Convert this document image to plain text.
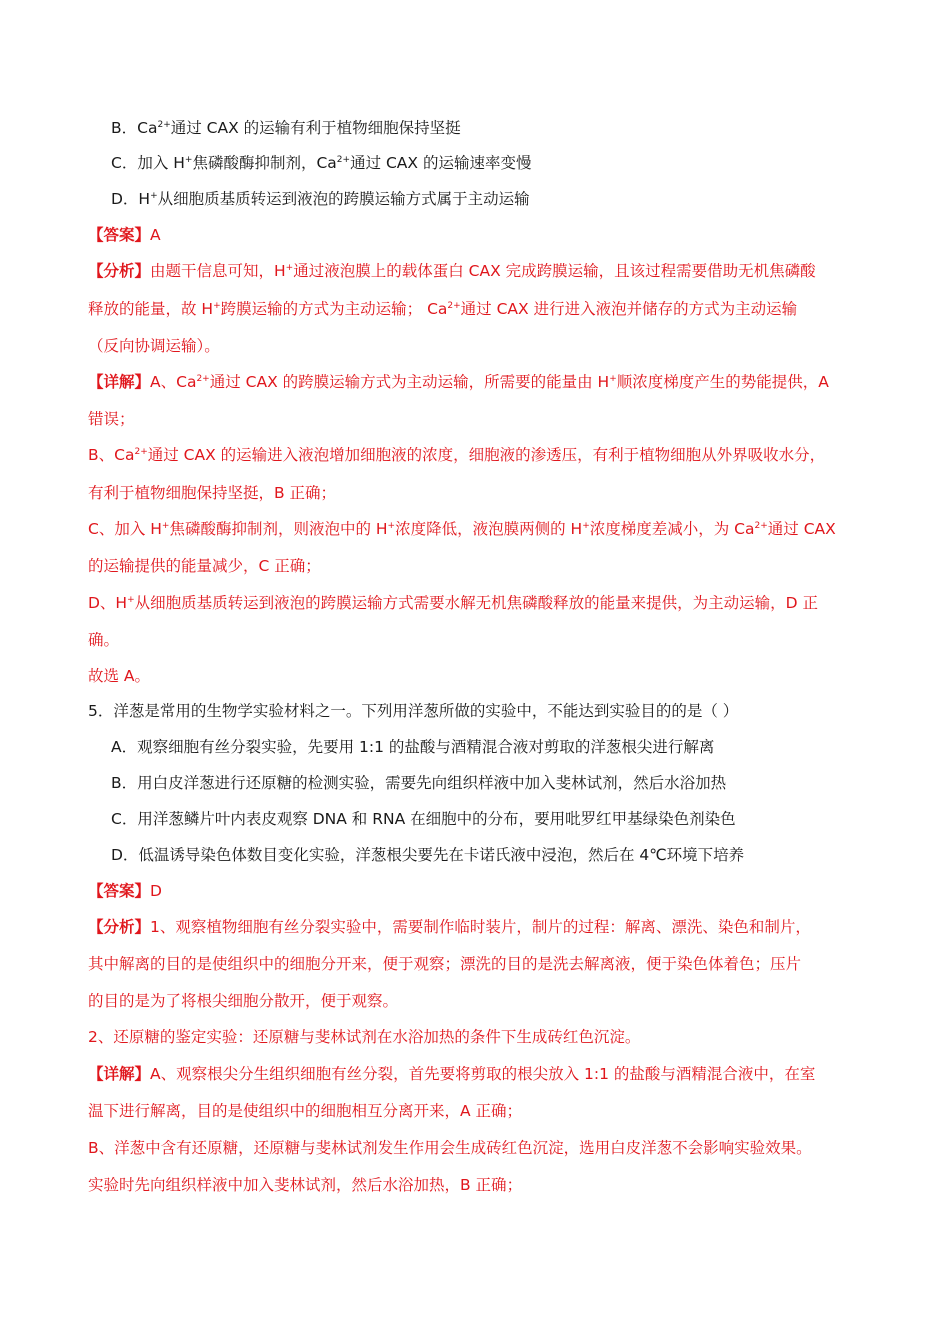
B．$Ca^{2+}$通过 CAX 的运输有利于植物细胞保持坚挺
C．加入 H+焦磷酸酶抑制剂，$Ca^{2+}$通过 CAX 的运输速率变慢
D．H+从细胞质基质转运到液泡的跨膜运输方式属于主动运输
【答案】A
【分析】由题干信息可知，H+通过液泡膜上的载体蛋白 CAX 完成跨膜运输，且该过程需要借助无机焦磷酸
释放的能量，故 H+跨膜运输的方式为主动运输； $Ca^{2+}$通过 CAX 进行进入液泡并储存的方式为主动运输
（反向协调运输）。
【详解】A、$Ca^{2+}$通过 CAX 的跨膜运输方式为主动运输，所需要的能量由 H+顺浓度梯度产生的势能提供，A
错误；
B、$Ca^{2+}$通过 CAX 的运输进入液泡增加细胞液的浓度，细胞液的渗透压，有利于植物细胞从外界吸收水分，
有利于植物细胞保持坚挺，B 正确；
C、加入 H+焦磷酸酶抑制剂，则液泡中的 H+浓度降低，液泡膜两侧的 H+浓度梯度差减小，为 $Ca^{2+}$通过 CAX
的运输提供的能量减少，C 正确；
D、H+从细胞质基质转运到液泡的跨膜运输方式需要水解无机焦磷酸释放的能量来提供，为主动运输，D 正
确。
故选 A。
5．洋葱是常用的生物学实验材料之一。下列用洋葱所做的实验中，不能达到实验目的的是（ ）
A．观察细胞有丝分裂实验，先要用 1:1 的盐酸与酒精混合液对剪取的洋葱根尖进行解离
B．用白皮洋葱进行还原糖的检测实验，需要先向组织样液中加入斐林试剂，然后水浴加热
C．用洋葱鳞片叶内表皮观察 DNA 和 RNA 在细胞中的分布，要用吡罗红甲基绿染色剂染色
D．低温诱导染色体数目变化实验，洋葱根尖要先在卡诺氏液中浸泡，然后在 4℃环境下培养
【答案】D
【分析】1、观察植物细胞有丝分裂实验中，需要制作临时装片，制片的过程：解离、漂洗、染色和制片，
其中解离的目的是使组织中的细胞分开来，便于观察；漂洗的目的是洗去解离液，便于染色体着色；压片
的目的是为了将根尖细胞分散开，便于观察。
2、还原糖的鉴定实验：还原糖与斐林试剂在水浴加热的条件下生成砖红色沉淀。
【详解】A、观察根尖分生组织细胞有丝分裂，首先要将剪取的根尖放入 1:1 的盐酸与酒精混合液中，在室
温下进行解离，目的是使组织中的细胞相互分离开来，A 正确；
B、洋葱中含有还原糖，还原糖与斐林试剂发生作用会生成砖红色沉淀，选用白皮洋葱不会影响实验效果。
实验时先向组织样液中加入斐林试剂，然后水浴加热，B 正确；
